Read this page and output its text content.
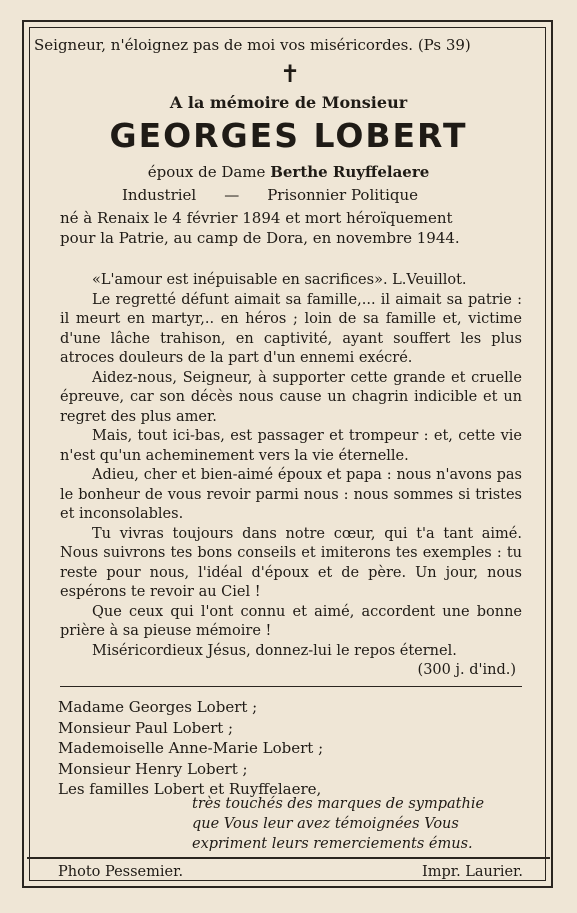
Seigneur, n'éloignez pas de moi vos miséricordes. (Ps 39)
✝
A la mémoire de Monsieur
GEORGES LOBERT
époux de Dame Berthe Ruyffelaere
Industriel — Prisonnier Politique
né à Renaix le 4 février 1894 et mort héroïquement
pour la Patrie, au camp de Dora, en novembre 1944.
«L'amour est inépuisable en sacrifices». L.Veuillot.
Le regretté défunt aimait sa famille,... il aimait sa patrie : il meurt en martyr,.. en héros ; loin de sa famille et, victime d'une lâche trahison, en captivité, ayant souffert les plus atroces douleurs de la part d'un ennemi exécré.
Aidez-nous, Seigneur, à supporter cette grande et cruelle épreuve, car son décès nous cause un chagrin indicible et un regret des plus amer.
Mais, tout ici-bas, est passager et trompeur : et, cette vie n'est qu'un acheminement vers la vie éternelle.
Adieu, cher et bien-aimé époux et papa : nous n'avons pas le bonheur de vous revoir parmi nous : nous sommes si tristes et inconsolables.
Tu vivras toujours dans notre cœur, qui t'a tant aimé. Nous suivrons tes bons conseils et imiterons tes exemples : tu reste pour nous, l'idéal d'époux et de père. Un jour, nous espérons te revoir au Ciel !
Que ceux qui l'ont connu et aimé, accordent une bonne prière à sa pieuse mémoire !
Miséricordieux Jésus, donnez-lui le repos éternel.
(300 j. d'ind.)
Madame Georges Lobert ;
Monsieur Paul Lobert ;
Mademoiselle Anne-Marie Lobert ;
Monsieur Henry Lobert ;
Les familles Lobert et Ruyffelaere,
très touchés des marques de sympathie
que Vous leur avez témoignées Vous
expriment leurs remerciements émus.
Photo Pessemier.	Impr. Laurier.
